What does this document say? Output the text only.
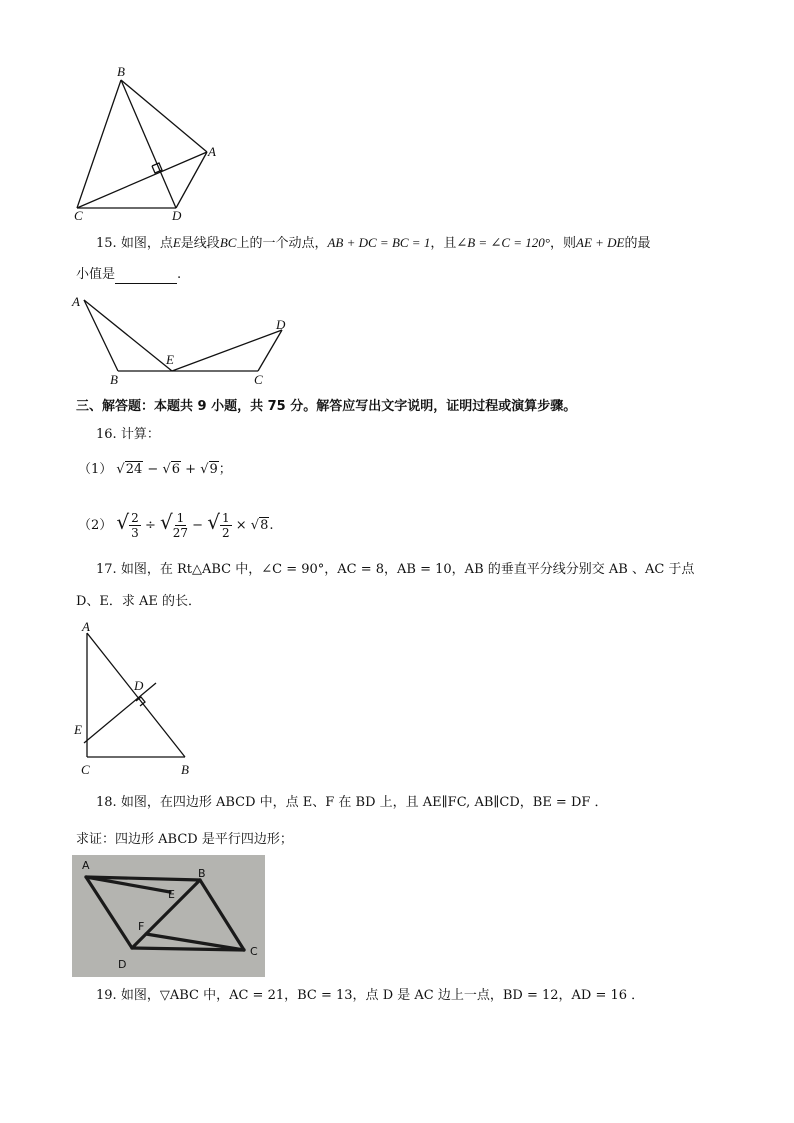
B
A
C	D
15. 如图，点E是线段BC上的一个动点，AB + DC = BC = 1，且∠B = ∠C = 120°，则AE + DE的最
小值是	.
A
D
E
B	C
三、解答题：本题共 9 小题，共 75 分。解答应写出文字说明，证明过程或演算步骤。
16. 计算：
（1） √24 − √6 + √9；
（2） √ $\frac{2}{3}$ ÷ √ $\frac{1}{27}$ − √ $\frac{1}{2} \times √8$.
17. 如图，在 Rt△ABC 中，∠C = 90°，AC = 8，AB = 10，AB 的垂直平分线分别交 AB 、AC 于点
D、E．求 AE 的长．
A
D
E
C	B
18. 如图，在四边形 ABCD 中，点 E、F 在 BD 上，且 AE∥FC, AB∥CD，BE = DF ．
求证：四边形 ABCD 是平行四边形；
A
B
E
F
D
C
19. 如图，▽ABC 中，AC = 21，BC = 13，点 D 是 AC 边上一点，BD = 12，AD = 16 ．
